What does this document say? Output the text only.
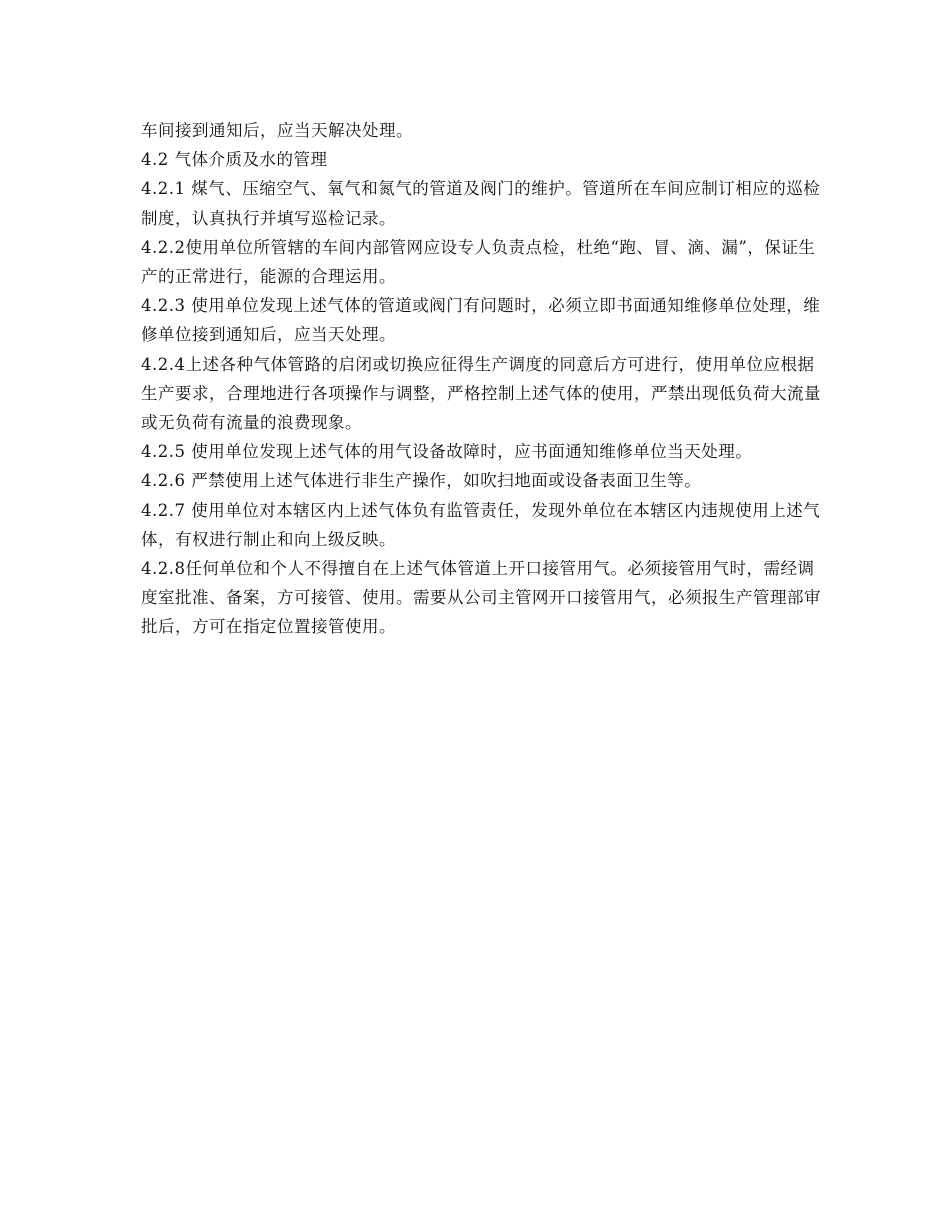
车间接到通知后，应当天解决处理。

4.2 气体介质及水的管理

4.2.1 煤气、压缩空气、氧气和氮气的管道及阀门的维护。管道所在车间应制订相应的巡检制度，认真执行并填写巡检记录。

4.2.2使用单位所管辖的车间内部管网应设专人负责点检，杜绝“跑、冒、滴、漏”，保证生产的正常进行，能源的合理运用。

4.2.3 使用单位发现上述气体的管道或阀门有问题时，必须立即书面通知维修单位处理，维修单位接到通知后，应当天处理。

4.2.4上述各种气体管路的启闭或切换应征得生产调度的同意后方可进行，使用单位应根据生产要求，合理地进行各项操作与调整，严格控制上述气体的使用，严禁出现低负荷大流量或无负荷有流量的浪费现象。

4.2.5 使用单位发现上述气体的用气设备故障时，应书面通知维修单位当天处理。

4.2.6 严禁使用上述气体进行非生产操作，如吹扫地面或设备表面卫生等。

4.2.7 使用单位对本辖区内上述气体负有监管责任，发现外单位在本辖区内违规使用上述气体，有权进行制止和向上级反映。

4.2.8任何单位和个人不得擅自在上述气体管道上开口接管用气。必须接管用气时，需经调度室批准、备案，方可接管、使用。需要从公司主管网开口接管用气，必须报生产管理部审批后，方可在指定位置接管使用。
